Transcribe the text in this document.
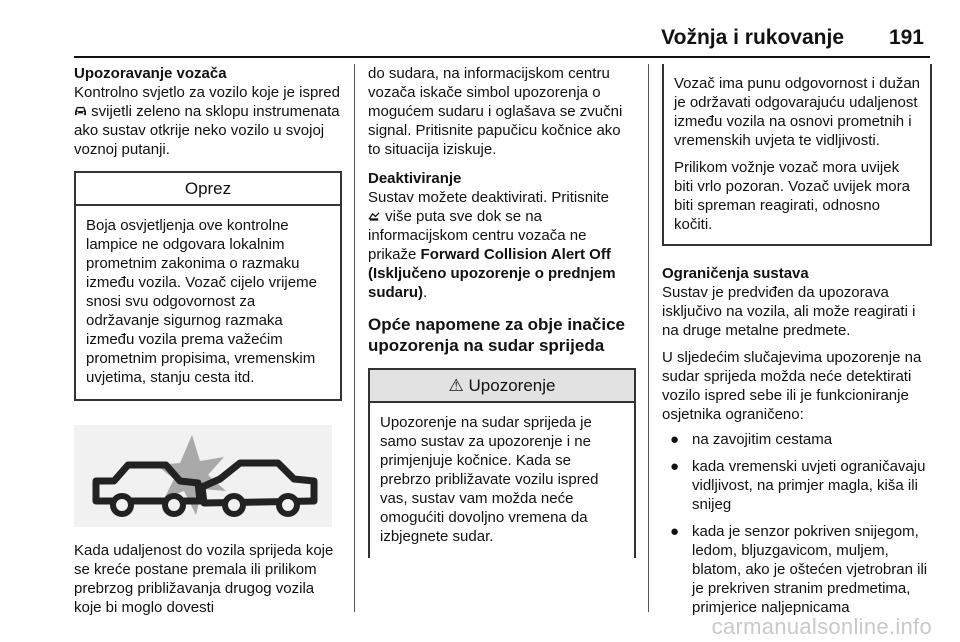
Vožnja i rukovanje 191
Upozoravanje vozača

Kontrolno svjetlo za vozilo koje je ispred  svijetli zeleno na sklopu instrumenata ako sustav otkrije neko vozilo u svojoj voznoj putanji.

Oprez
Boja osvjetljenja ove kontrolne lampice ne odgovara lokalnim prometnim zakonima o razmaku između vozila. Vozač cijelo vrijeme snosi svu odgovornost za održavanje sigurnog razmaka između vozila prema važećim prometnim propisima, vremenskim uvjetima, stanju cesta itd.

Kada udaljenost do vozila sprijeda koje se kreće postane premala ili prilikom prebrzog približavanja drugog vozila koje bi moglo dovesti

do sudara, na informacijskom centru vozača iskače simbol upozorenja o mogućem sudaru i oglašava se zvučni signal. Pritisnite papučicu kočnice ako to situacija iziskuje.

Deaktiviranje

Sustav možete deaktivirati. Pritisnite
više puta sve dok se na informacijskom centru vozača ne prikaže Forward Collision Alert Off (Isključeno upozorenje o prednjem sudaru).

Opće napomene za obje inačice upozorenja na sudar sprijeda
⚠ Upozorenje
Upozorenje na sudar sprijeda je samo sustav za upozorenje i ne primjenjuje kočnice. Kada se prebrzo približavate vozilu ispred vas, sustav vam možda neće omogućiti dovoljno vremena da izbjegnete sudar.

Vozač ima punu odgovornost i dužan je održavati odgovarajuću udaljenost između vozila na osnovi prometnih i vremenskih uvjeta te vidljivosti.

Prilikom vožnje vozač mora uvijek biti vrlo pozoran. Vozač uvijek mora biti spreman reagirati, odnosno kočiti.

Ograničenja sustava

Sustav je predviđen da upozorava isključivo na vozila, ali može reagirati i na druge metalne predmete.

U sljedećim slučajevima upozorenje na sudar sprijeda možda neće detektirati vozilo ispred sebe ili je funkcioniranje osjetnika ograničeno:

● na zavojitim cestama
● kada vremenski uvjeti ograničavaju vidljivost, na primjer magla, kiša ili snijeg
● kada je senzor pokriven snijegom, ledom, bljuzgavicom, muljem, blatom, ako je oštećen vjetrobran ili je prekriven stranim predmetima, primjerice naljepnicama
carmanualsonline.info
